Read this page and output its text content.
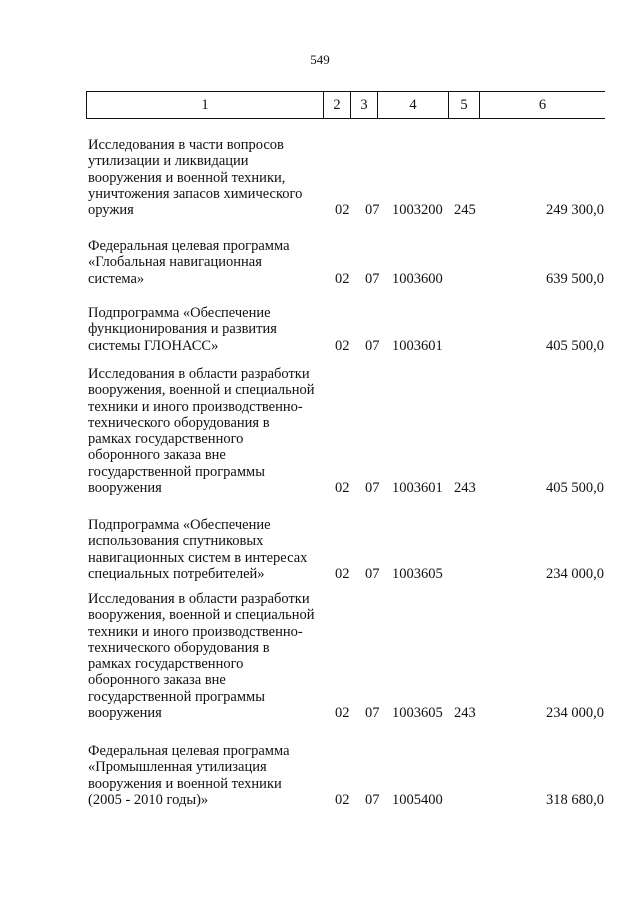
549
1	2	3	4	5	6
Исследования в части вопросов
утилизации и ликвидации
вооружения и военной техники,
уничтожения запасов химического
оружия	02 07 1003200 245	249 300,0
Федеральная целевая программа
«Глобальная навигационная
система»	02 07 1003600	639 500,0
Подпрограмма «Обеспечение
функционирования и развития
системы ГЛОНАСС»	02 07 1003601	405 500,0
Исследования в области разработки
вооружения, военной и специальной
техники и иного производственно-
технического оборудования в
рамках государственного
оборонного заказа вне
государственной программы
вооружения	02 07 1003601 243	405 500,0
Подпрограмма «Обеспечение
использования спутниковых
навигационных систем в интересах
специальных потребителей»	02 07 1003605	234 000,0
Исследования в области разработки
вооружения, военной и специальной
техники и иного производственно-
технического оборудования в
рамках государственного
оборонного заказа вне
государственной программы
вооружения	02 07 1003605 243	234 000,0
Федеральная целевая программа
«Промышленная утилизация
вооружения и военной техники
(2005 - 2010 годы)»	02 07 1005400	318 680,0
